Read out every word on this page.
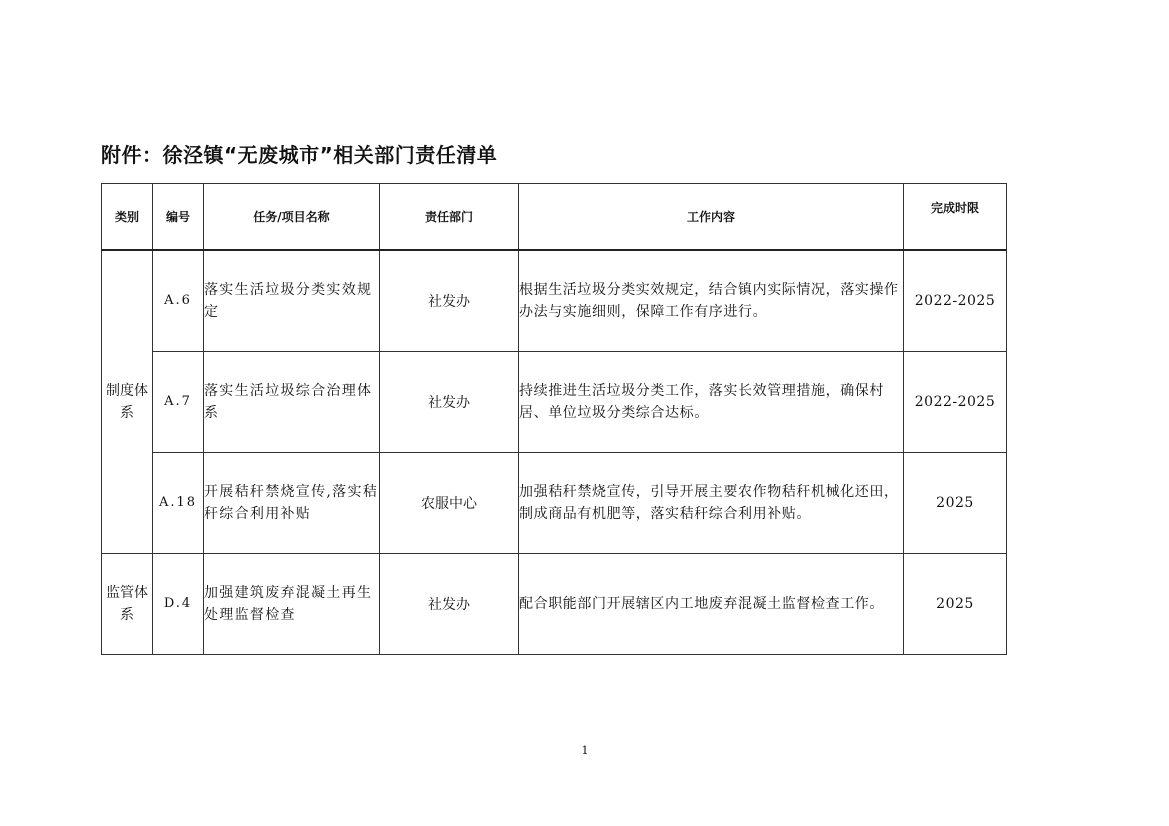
附件：徐泾镇“无废城市”相关部门责任清单
类别	编号	任务/项目名称	责任部门	工作内容	完成时限
制度体系	A.6	落实生活垃圾分类实效规定	社发办	根据生活垃圾分类实效规定，结合镇内实际情况，落实操作办法与实施细则，保障工作有序进行。	2022-2025
	A.7	落实生活垃圾综合治理体系	社发办	持续推进生活垃圾分类工作，落实长效管理措施，确保村居、单位垃圾分类综合达标。	2022-2025
	A.18	开展秸秆禁烧宣传,落实秸秆综合利用补贴	农服中心	加强秸秆禁烧宣传，引导开展主要农作物秸秆机械化还田，制成商品有机肥等，落实秸秆综合利用补贴。	2025
监管体系	D.4	加强建筑废弃混凝土再生处理监督检查	社发办	配合职能部门开展辖区内工地废弃混凝土监督检查工作。	2025
1
